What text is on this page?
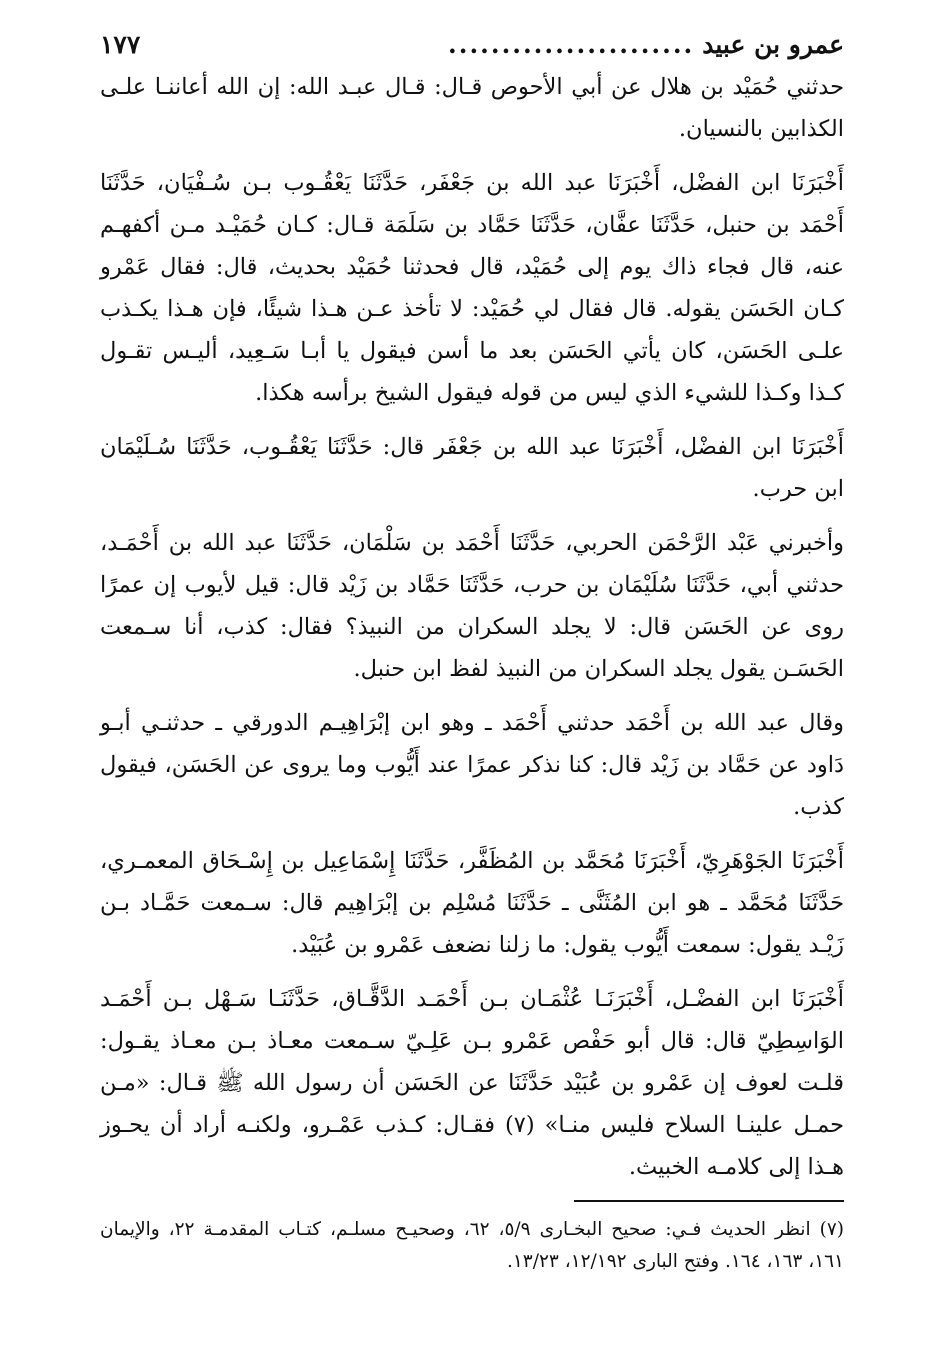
عمرو بن عبيد
.......................
١٧٧

حدثني حُمَيْد بن هلال عن أبي الأحوص قـال: قـال عبـد الله: إن الله أعاننـا علـى الكذابين بالنسيان.

أَخْبَرَنَا ابن الفضْل، أَخْبَرَنَا عبد الله بن جَعْفَر، حَدَّثَنَا يَعْقُـوب بـن سُـفْيَان، حَدَّثَنَا أَحْمَد بن حنبل، حَدَّثَنَا عفَّان، حَدَّثَنَا حَمَّاد بن سَلَمَة قـال: كـان حُمَيْـد مـن أكفهـم عنه، قال فجاء ذاك يوم إلى حُمَيْد، قال فحدثنا حُمَيْد بحديث، قال: فقال عَمْرو كـان الحَسَن يقوله. قال فقال لي حُمَيْد: لا تأخذ عـن هـذا شيئًا، فإن هـذا يكـذب علـى الحَسَن، كان يأتي الحَسَن بعد ما أسن فيقول يا أبـا سَـعِيد، أليـس تقـول كـذا وكـذا للشيء الذي ليس من قوله فيقول الشيخ برأسه هكذا.

أَخْبَرَنَا ابن الفضْل، أَخْبَرَنَا عبد الله بن جَعْفَر قال: حَدَّثَنَا يَعْقُـوب، حَدَّثَنَا سُـلَيْمَان ابن حرب.

وأخبرني عَبْد الرَّحْمَن الحربي، حَدَّثَنَا أَحْمَد بن سَلْمَان، حَدَّثَنَا عبد الله بن أَحْمَـد، حدثني أبي، حَدَّثَنَا سُلَيْمَان بن حرب، حَدَّثَنَا حَمَّاد بن زَيْد قال: قيل لأيوب إن عمرًا روى عن الحَسَن قال: لا يجلد السكران من النبيذ؟ فقال: كذب، أنا سـمعت الحَسَـن يقول يجلد السكران من النبيذ لفظ ابن حنبل.

وقال عبد الله بن أَحْمَد حدثني أَحْمَد ـ وهو ابن إبْرَاهِيـم الدورقي ـ حدثنـي أبـو دَاود عن حَمَّاد بن زَيْد قال: كنا نذكر عمرًا عند أَيُّوب وما يروى عن الحَسَن، فيقول كذب.

أَخْبَرَنَا الجَوْهَرِيّ، أَخْبَرَنَا مُحَمَّد بن المُظَفَّر، حَدَّثَنَا إِسْمَاعِيل بن إِسْـحَاق المعمـري، حَدَّثَنَا مُحَمَّد ـ هو ابن المُثَنَّى ـ حَدَّثَنَا مُسْلِم بن إبْرَاهِيم قال: سـمعت حَمَّـاد بـن زَيْـد يقول: سمعت أَيُّوب يقول: ما زلنا نضعف عَمْرو بن عُبَيْد.

أَخْبَرَنَا ابن الفضْـل، أَخْبَرَنَـا عُثْمَـان بـن أَحْمَـد الدَّقَّـاق، حَدَّثَنَـا سَـهْل بـن أَحْمَـد الوَاسِطِيّ قال: قال أبو حَفْص عَمْرو بـن عَلِـيّ سـمعت معـاذ بـن معـاذ يقـول: قلـت لعوف إن عَمْرو بن عُبَيْد حَدَّثَنَا عن الحَسَن أن رسول الله ﷺ قـال: «مـن حمـل علينـا السلاح فليس منـا» (٧) فقـال: كـذب عَمْـرو، ولكنـه أراد أن يحـوز هـذا إلى كلامـه الخبيث.

(٧) انظر الحديث فـي: صحيح البخـارى ٥/٩، ٦٢، وصحيـح مسلـم، كتـاب المقدمـة ٢٢، والإيمان ١٦١، ١٦٣، ١٦٤. وفتح البارى ١٢/١٩٢، ١٣/٢٣.
